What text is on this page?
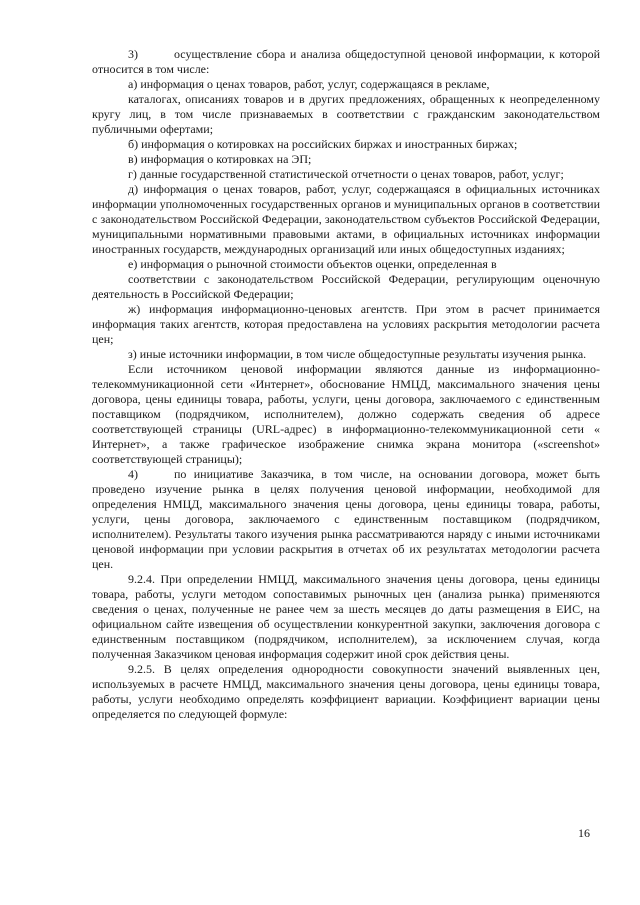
3)	осуществление сбора и анализа общедоступной ценовой информации, к которой относится в том числе:

а) информация о ценах товаров, работ, услуг, содержащаяся в рекламе,

каталогах, описаниях товаров и в других предложениях, обращенных к неопределенному кругу лиц, в том числе признаваемых в соответствии с гражданским законодательством публичными офертами;

б) информация о котировках на российских биржах и иностранных биржах;

в) информация о котировках на ЭП;

г) данные государственной статистической отчетности о ценах товаров, работ, услуг;

д) информация о ценах товаров, работ, услуг, содержащаяся в официальных источниках информации уполномоченных государственных органов и муниципальных органов в соответствии с законодательством Российской Федерации, законодательством субъектов Российской Федерации, муниципальными нормативными правовыми актами, в официальных источниках информации иностранных государств, международных организаций или иных общедоступных изданиях;

е) информация о рыночной стоимости объектов оценки, определенная в

соответствии с законодательством Российской Федерации, регулирующим оценочную деятельность в Российской Федерации;

ж) информация информационно-ценовых агентств. При этом в расчет принимается информация таких агентств, которая предоставлена на условиях раскрытия методологии расчета цен;

з) иные источники информации, в том числе общедоступные результаты изучения рынка.

Если источником ценовой информации являются данные из информационно-телекоммуникационной сети «Интернет», обоснование НМЦД, максимального значения цены договора, цены единицы товара, работы, услуги, цены договора, заключаемого с единственным поставщиком (подрядчиком, исполнителем), должно содержать сведения об адресе соответствующей страницы (URL-адрес) в информационно-телекоммуникационной сети « Интернет», а также графическое изображение снимка экрана монитора («screenshot» соответствующей страницы);

4)	по инициативе Заказчика, в том числе, на основании договора, может быть проведено изучение рынка в целях получения ценовой информации, необходимой для определения НМЦД, максимального значения цены договора, цены единицы товара, работы, услуги, цены договора, заключаемого с единственным поставщиком (подрядчиком, исполнителем). Результаты такого изучения рынка рассматриваются наряду с иными источниками ценовой информации при условии раскрытия в отчетах об их результатах методологии расчета цен.

9.2.4. При определении НМЦД, максимального значения цены договора, цены единицы товара, работы, услуги методом сопоставимых рыночных цен (анализа рынка) применяются сведения о ценах, полученные не ранее чем за шесть месяцев до даты размещения в ЕИС, на официальном сайте извещения об осуществлении конкурентной закупки, заключения договора с единственным поставщиком (подрядчиком, исполнителем), за исключением случая, когда полученная Заказчиком ценовая информация содержит иной срок действия цены.

9.2.5. В целях определения однородности совокупности значений выявленных цен, используемых в расчете НМЦД, максимального значения цены договора, цены единицы товара, работы, услуги необходимо определять коэффициент вариации. Коэффициент вариации цены определяется по следующей формуле:

16
